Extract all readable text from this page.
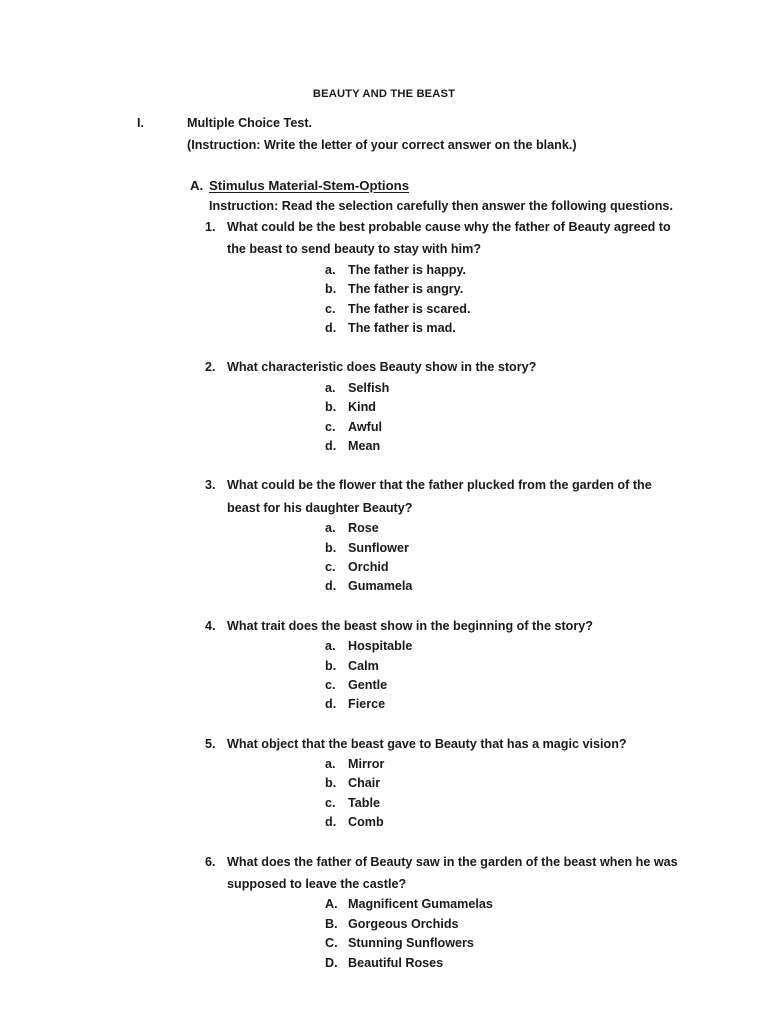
BEAUTY AND THE BEAST
I.	Multiple Choice Test.
(Instruction: Write the letter of your correct answer on the blank.)
A. Stimulus Material-Stem-Options
Instruction: Read the selection carefully then answer the following questions.
1. What could be the best probable cause why the father of Beauty agreed to the beast to send beauty to stay with him?
a. The father is happy.
b. The father is angry.
c. The father is scared.
d. The father is mad.
2. What characteristic does Beauty show in the story?
a. Selfish
b. Kind
c. Awful
d. Mean
3. What could be the flower that the father plucked from the garden of the beast for his daughter Beauty?
a. Rose
b. Sunflower
c. Orchid
d. Gumamela
4. What trait does the beast show in the beginning of the story?
a. Hospitable
b. Calm
c. Gentle
d. Fierce
5. What object that the beast gave to Beauty that has a magic vision?
a. Mirror
b. Chair
c. Table
d. Comb
6. What does the father of Beauty saw in the garden of the beast when he was supposed to leave the castle?
A. Magnificent Gumamelas
B. Gorgeous Orchids
C. Stunning Sunflowers
D. Beautiful Roses
